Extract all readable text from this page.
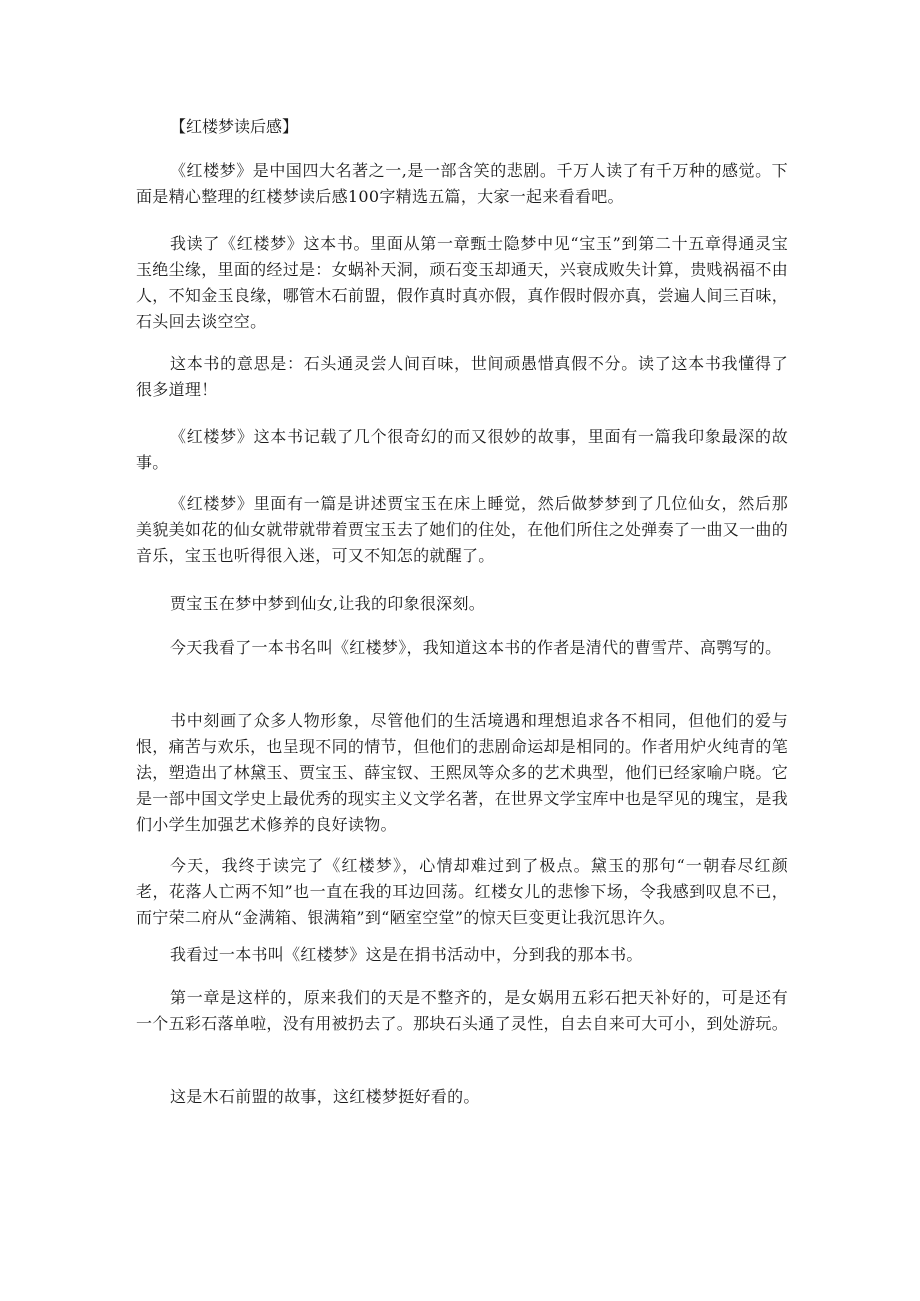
【红楼梦读后感】

《红楼梦》是中国四大名著之一,是一部含笑的悲剧。千万人读了有千万种的感觉。下面是精心整理的红楼梦读后感100字精选五篇，大家一起来看看吧。

我读了《红楼梦》这本书。里面从第一章甄士隐梦中见“宝玉”到第二十五章得通灵宝玉绝尘缘，里面的经过是：女蜗补天洞，顽石变玉却通天，兴衰成败失计算，贵贱祸福不由人，不知金玉良缘，哪管木石前盟，假作真时真亦假，真作假时假亦真，尝遍人间三百味，石头回去谈空空。

这本书的意思是：石头通灵尝人间百味，世间顽愚惜真假不分。读了这本书我懂得了很多道理！

《红楼梦》这本书记载了几个很奇幻的而又很妙的故事，里面有一篇我印象最深的故事。

《红楼梦》里面有一篇是讲述贾宝玉在床上睡觉，然后做梦梦到了几位仙女，然后那美貌美如花的仙女就带就带着贾宝玉去了她们的住处，在他们所住之处弹奏了一曲又一曲的音乐，宝玉也听得很入迷，可又不知怎的就醒了。

贾宝玉在梦中梦到仙女,让我的印象很深刻。

今天我看了一本书名叫《红楼梦》，我知道这本书的作者是清代的曹雪芹、高鹗写的。

书中刻画了众多人物形象，尽管他们的生活境遇和理想追求各不相同，但他们的爱与恨，痛苦与欢乐，也呈现不同的情节，但他们的悲剧命运却是相同的。作者用炉火纯青的笔法，塑造出了林黛玉、贾宝玉、薛宝钗、王熙凤等众多的艺术典型，他们已经家喻户晓。它是一部中国文学史上最优秀的现实主义文学名著，在世界文学宝库中也是罕见的瑰宝，是我们小学生加强艺术修养的良好读物。

今天，我终于读完了《红楼梦》，心情却难过到了极点。黛玉的那句“一朝春尽红颜老，花落人亡两不知”也一直在我的耳边回荡。红楼女儿的悲惨下场，令我感到叹息不已，而宁荣二府从“金满箱、银满箱”到“陋室空堂”的惊天巨变更让我沉思许久。

我看过一本书叫《红楼梦》这是在捐书活动中，分到我的那本书。

第一章是这样的，原来我们的天是不整齐的，是女娲用五彩石把天补好的，可是还有一个五彩石落单啦，没有用被扔去了。那块石头通了灵性，自去自来可大可小，到处游玩。

这是木石前盟的故事，这红楼梦挺好看的。
